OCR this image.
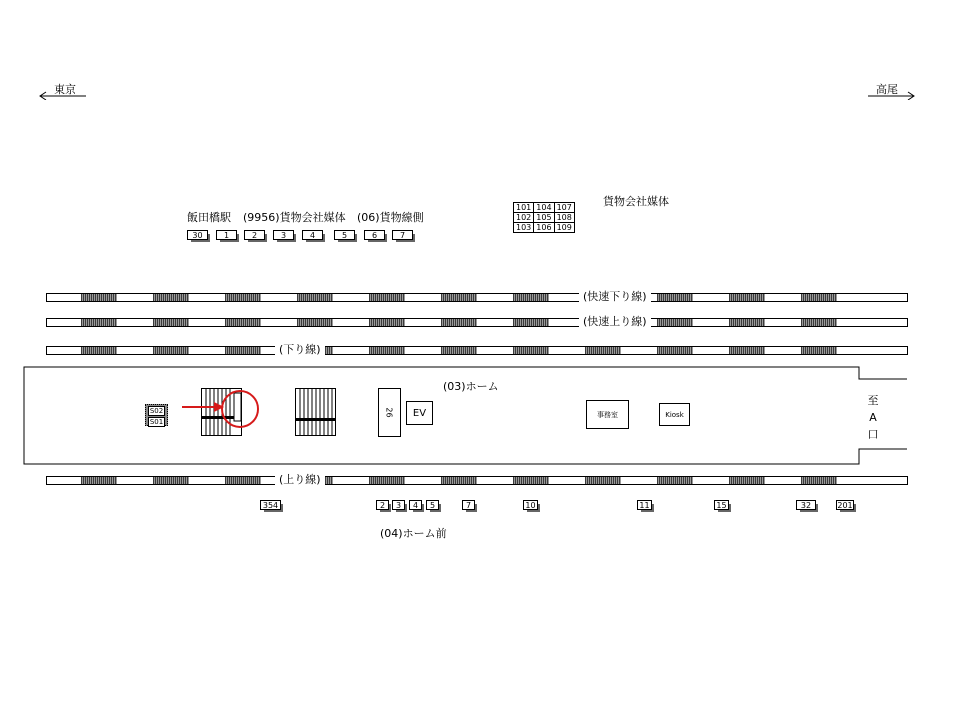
東京	高尾
飯田橋駅 (9956)貨物会社媒体 (06)貨物線側
30	1	2	3	4	5	6	7
貨物会社媒体
101	104	107
102	105	108
103	106	109
(快速下り線)
(快速上り線)
(下り線)
(上り線)
(03)ホーム
S02
S01
26 EV	事務室	Kiosk
至
A
口
354	2	3	4	5	7	10	11	15	32	201
(04)ホーム前
